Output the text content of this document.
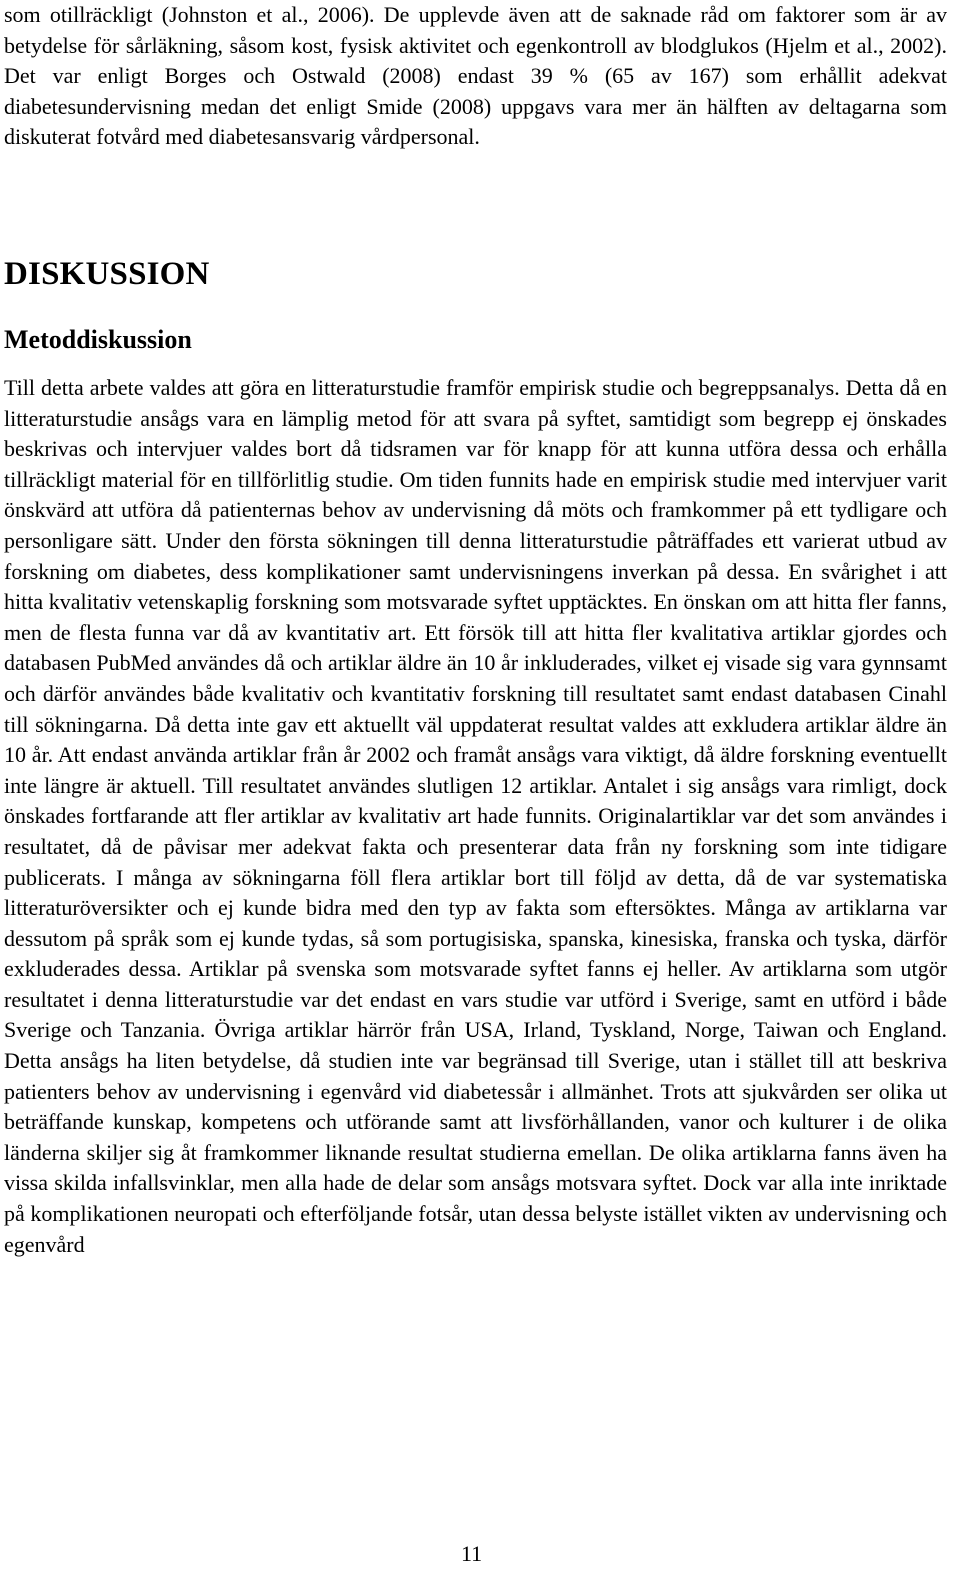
som otillräckligt (Johnston et al., 2006). De upplevde även att de saknade råd om faktorer som är av betydelse för sårläkning, såsom kost, fysisk aktivitet och egenkontroll av blodglukos (Hjelm et al., 2002). Det var enligt Borges och Ostwald (2008) endast 39 % (65 av 167) som erhållit adekvat diabetesundervisning medan det enligt Smide (2008) uppgavs vara mer än hälften av deltagarna som diskuterat fotvård med diabetesansvarig vårdpersonal.

DISKUSSION
Metoddiskussion

Till detta arbete valdes att göra en litteraturstudie framför empirisk studie och begreppsanalys. Detta då en litteraturstudie ansågs vara en lämplig metod för att svara på syftet, samtidigt som begrepp ej önskades beskrivas och intervjuer valdes bort då tidsramen var för knapp för att kunna utföra dessa och erhålla tillräckligt material för en tillförlitlig studie. Om tiden funnits hade en empirisk studie med intervjuer varit önskvärd att utföra då patienternas behov av undervisning då möts och framkommer på ett tydligare och personligare sätt. Under den första sökningen till denna litteraturstudie påträffades ett varierat utbud av forskning om diabetes, dess komplikationer samt undervisningens inverkan på dessa. En svårighet i att hitta kvalitativ vetenskaplig forskning som motsvarade syftet upptäcktes. En önskan om att hitta fler fanns, men de flesta funna var då av kvantitativ art. Ett försök till att hitta fler kvalitativa artiklar gjordes och databasen PubMed användes då och artiklar äldre än 10 år inkluderades, vilket ej visade sig vara gynnsamt och därför användes både kvalitativ och kvantitativ forskning till resultatet samt endast databasen Cinahl till sökningarna. Då detta inte gav ett aktuellt väl uppdaterat resultat valdes att exkludera artiklar äldre än 10 år. Att endast använda artiklar från år 2002 och framåt ansågs vara viktigt, då äldre forskning eventuellt inte längre är aktuell. Till resultatet användes slutligen 12 artiklar. Antalet i sig ansågs vara rimligt, dock önskades fortfarande att fler artiklar av kvalitativ art hade funnits. Originalartiklar var det som användes i resultatet, då de påvisar mer adekvat fakta och presenterar data från ny forskning som inte tidigare publicerats. I många av sökningarna föll flera artiklar bort till följd av detta, då de var systematiska litteraturöversikter och ej kunde bidra med den typ av fakta som eftersöktes. Många av artiklarna var dessutom på språk som ej kunde tydas, så som portugisiska, spanska, kinesiska, franska och tyska, därför exkluderades dessa. Artiklar på svenska som motsvarade syftet fanns ej heller. Av artiklarna som utgör resultatet i denna litteraturstudie var det endast en vars studie var utförd i Sverige, samt en utförd i både Sverige och Tanzania. Övriga artiklar härrör från USA, Irland, Tyskland, Norge, Taiwan och England. Detta ansågs ha liten betydelse, då studien inte var begränsad till Sverige, utan i stället till att beskriva patienters behov av undervisning i egenvård vid diabetessår i allmänhet. Trots att sjukvården ser olika ut beträffande kunskap, kompetens och utförande samt att livsförhållanden, vanor och kulturer i de olika länderna skiljer sig åt framkommer liknande resultat studierna emellan. De olika artiklarna fanns även ha vissa skilda infallsvinklar, men alla hade de delar som ansågs motsvara syftet. Dock var alla inte inriktade på komplikationen neuropati och efterföljande fotsår, utan dessa belyste istället vikten av undervisning och egenvård

11
